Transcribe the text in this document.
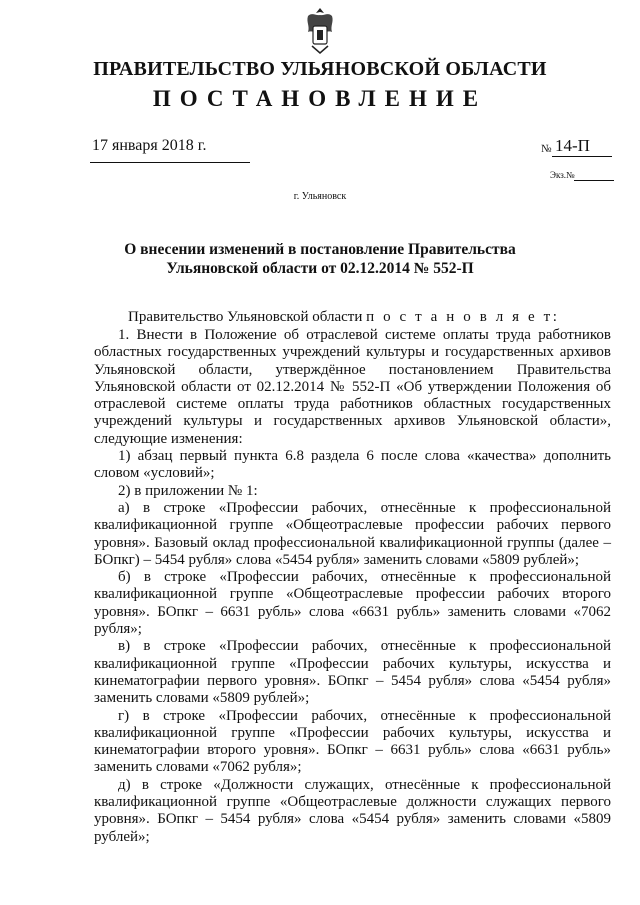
ПРАВИТЕЛЬСТВО УЛЬЯНОВСКОЙ ОБЛАСТИ
ПОСТАНОВЛЕНИЕ
17 января 2018 г.	№ 14-П
Экз.№
г. Ульяновск
О внесении изменений в постановление Правительства
Ульяновской области от 02.12.2014 № 552-П
Правительство Ульяновской области п о с т а н о в л я е т:

1. Внести в Положение об отраслевой системе оплаты труда работников областных государственных учреждений культуры и государственных архивов Ульяновской области, утверждённое постановлением Правительства Ульяновской области от 02.12.2014 № 552-П «Об утверждении Положения об отраслевой системе оплаты труда работников областных государственных учреждений культуры и государственных архивов Ульяновской области», следующие изменения:

1) абзац первый пункта 6.8 раздела 6 после слова «качества» дополнить словом «условий»;

2) в приложении № 1:

а) в строке «Профессии рабочих, отнесённые к профессиональной квалификационной группе «Общеотраслевые профессии рабочих первого уровня». Базовый оклад профессиональной квалификационной группы (далее – БОпкг) – 5454 рубля» слова «5454 рубля» заменить словами «5809 рублей»;

б) в строке «Профессии рабочих, отнесённые к профессиональной квалификационной группе «Общеотраслевые профессии рабочих второго уровня». БОпкг – 6631 рубль» слова «6631 рубль» заменить словами «7062 рубля»;

в) в строке «Профессии рабочих, отнесённые к профессиональной квалификационной группе «Профессии рабочих культуры, искусства и кинематографии первого уровня». БОпкг – 5454 рубля» слова «5454 рубля» заменить словами «5809 рублей»;

г) в строке «Профессии рабочих, отнесённые к профессиональной квалификационной группе «Профессии рабочих культуры, искусства и кинематографии второго уровня». БОпкг – 6631 рубль» слова «6631 рубль» заменить словами «7062 рубля»;

д) в строке «Должности служащих, отнесённые к профессиональной квалификационной группе «Общеотраслевые должности служащих первого уровня». БОпкг – 5454 рубля» слова «5454 рубля» заменить словами «5809 рублей»;
